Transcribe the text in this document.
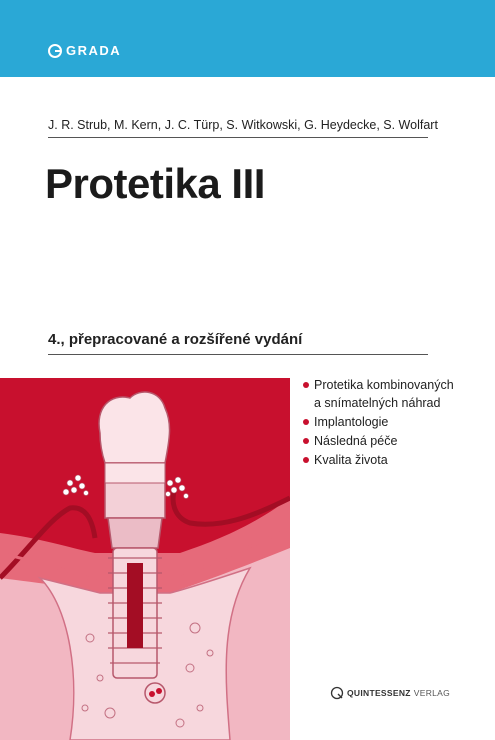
GRADA
J. R. Strub, M. Kern, J. C. Türp, S. Witkowski, G. Heydecke, S. Wolfart
Protetika III
4., přepracované a rozšířené vydání
Protetika kombinovaných
a snímatelných náhrad
Implantologie
Následná péče
Kvalita života
QUINTESSENZ VERLAG
